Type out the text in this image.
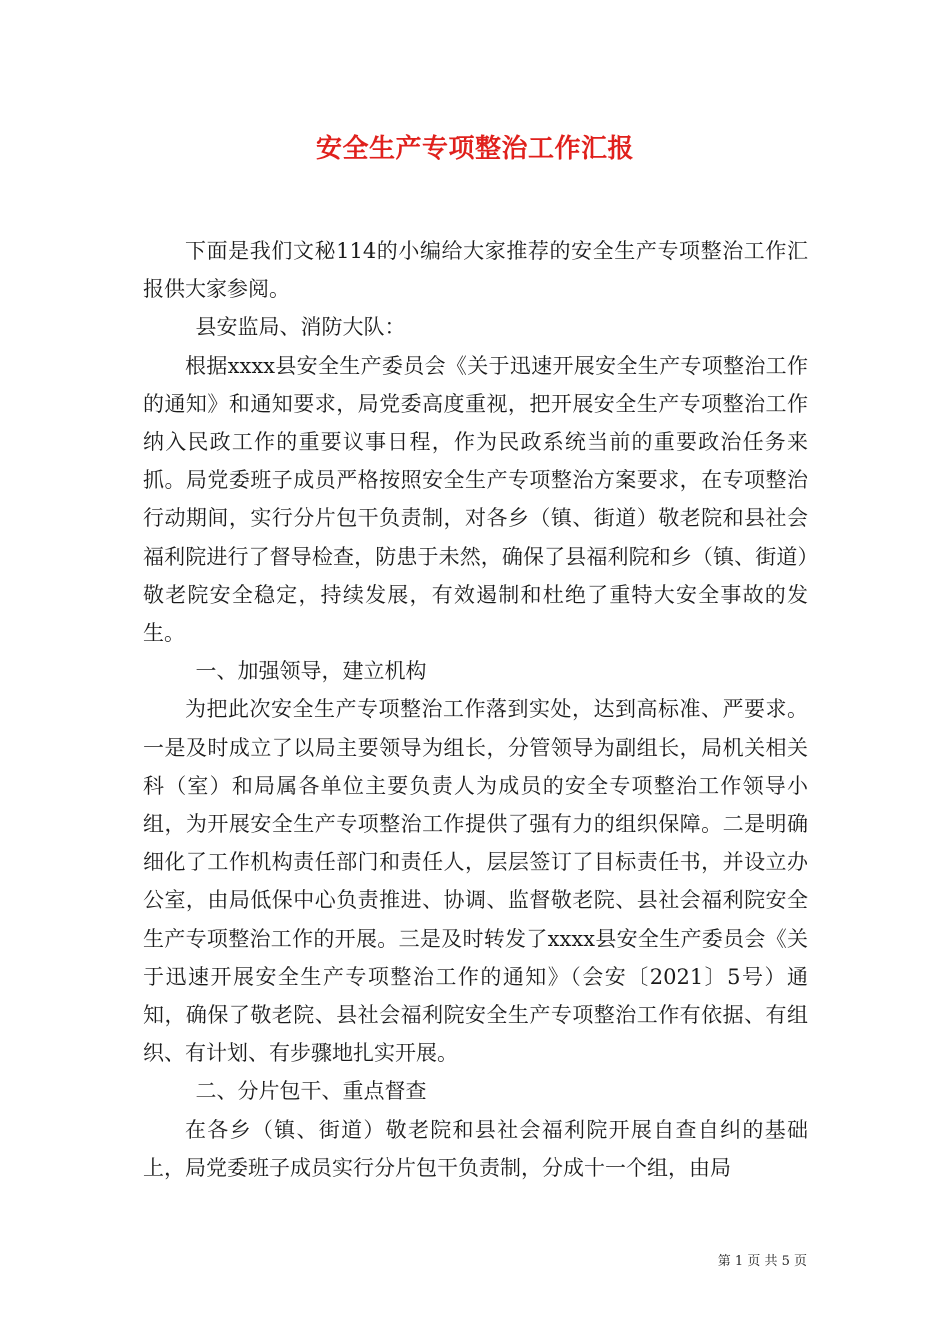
安全生产专项整治工作汇报

下面是我们文秘114的小编给大家推荐的安全生产专项整治工作汇报供大家参阅。

县安监局、消防大队：

根据xxxx县安全生产委员会《关于迅速开展安全生产专项整治工作的通知》和通知要求，局党委高度重视，把开展安全生产专项整治工作纳入民政工作的重要议事日程，作为民政系统当前的重要政治任务来抓。局党委班子成员严格按照安全生产专项整治方案要求，在专项整治行动期间，实行分片包干负责制，对各乡（镇、街道）敬老院和县社会福利院进行了督导检查，防患于未然，确保了县福利院和乡（镇、街道）敬老院安全稳定，持续发展，有效遏制和杜绝了重特大安全事故的发生。

一、加强领导，建立机构

为把此次安全生产专项整治工作落到实处，达到高标准、严要求。一是及时成立了以局主要领导为组长，分管领导为副组长，局机关相关科（室）和局属各单位主要负责人为成员的安全专项整治工作领导小组，为开展安全生产专项整治工作提供了强有力的组织保障。二是明确细化了工作机构责任部门和责任人，层层签订了目标责任书，并设立办公室，由局低保中心负责推进、协调、监督敬老院、县社会福利院安全生产专项整治工作的开展。三是及时转发了xxxx县安全生产委员会《关于迅速开展安全生产专项整治工作的通知》（会安〔2021〕5号）通知，确保了敬老院、县社会福利院安全生产专项整治工作有依据、有组织、有计划、有步骤地扎实开展。

二、分片包干、重点督查

在各乡（镇、街道）敬老院和县社会福利院开展自查自纠的基础上，局党委班子成员实行分片包干负责制，分成十一个组，由局

第 1 页 共 5 页
